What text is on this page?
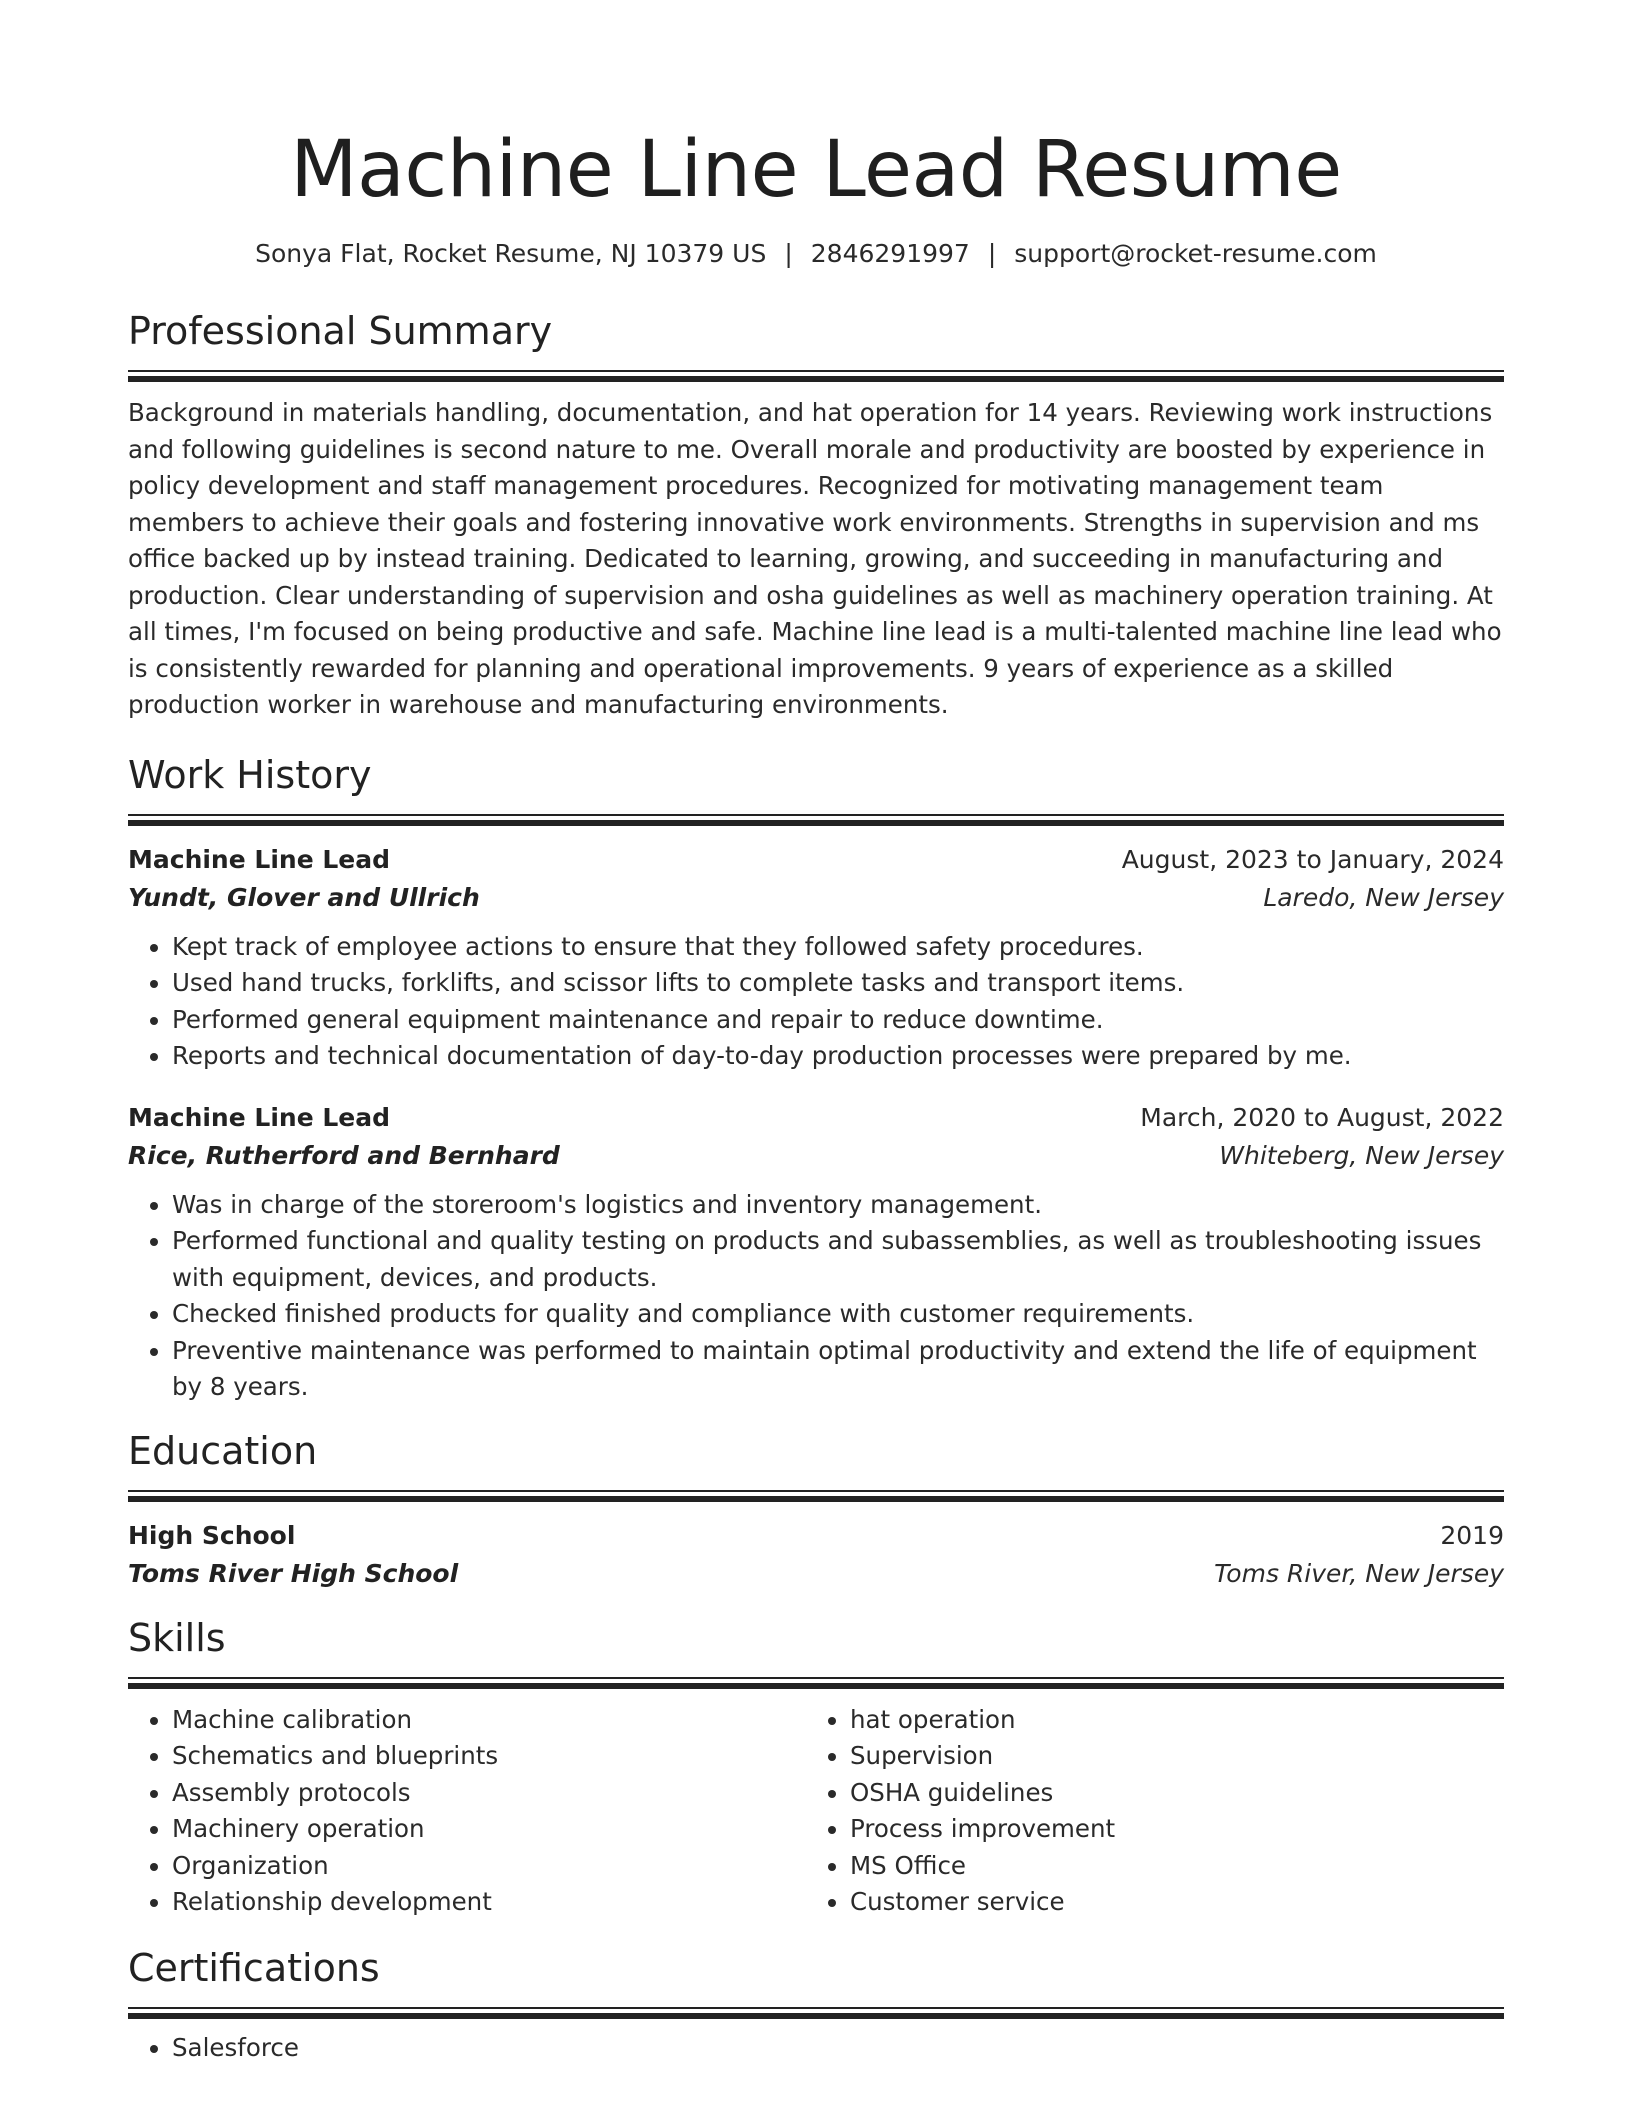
Machine Line Lead Resume
Sonya Flat, Rocket Resume, NJ 10379 US | 2846291997 | support@rocket-resume.com
Professional Summary

Background in materials handling, documentation, and hat operation for 14 years. Reviewing work instructions and following guidelines is second nature to me. Overall morale and productivity are boosted by experience in policy development and staff management procedures. Recognized for motivating management team members to achieve their goals and fostering innovative work environments. Strengths in supervision and ms office backed up by instead training. Dedicated to learning, growing, and succeeding in manufacturing and production. Clear understanding of supervision and osha guidelines as well as machinery operation training. At all times, I'm focused on being productive and safe. Machine line lead is a multi-talented machine line lead who is consistently rewarded for planning and operational improvements. 9 years of experience as a skilled production worker in warehouse and manufacturing environments.

Work History
Machine Line Lead	August, 2023 to January, 2024
Yundt, Glover and Ullrich	Laredo, New Jersey
• Kept track of employee actions to ensure that they followed safety procedures.
• Used hand trucks, forklifts, and scissor lifts to complete tasks and transport items.
• Performed general equipment maintenance and repair to reduce downtime.
• Reports and technical documentation of day-to-day production processes were prepared by me.
Machine Line Lead	March, 2020 to August, 2022
Rice, Rutherford and Bernhard	Whiteberg, New Jersey
• Was in charge of the storeroom's logistics and inventory management.
• Performed functional and quality testing on products and subassemblies, as well as troubleshooting issues with equipment, devices, and products.
• Checked finished products for quality and compliance with customer requirements.
• Preventive maintenance was performed to maintain optimal productivity and extend the life of equipment by 8 years.
Education
High School	2019
Toms River High School	Toms River, New Jersey
Skills
• Machine calibration
• Schematics and blueprints
• Assembly protocols
• Machinery operation
• Organization
• Relationship development
• hat operation
• Supervision
• OSHA guidelines
• Process improvement
• MS Office
• Customer service
Certifications
• Salesforce
